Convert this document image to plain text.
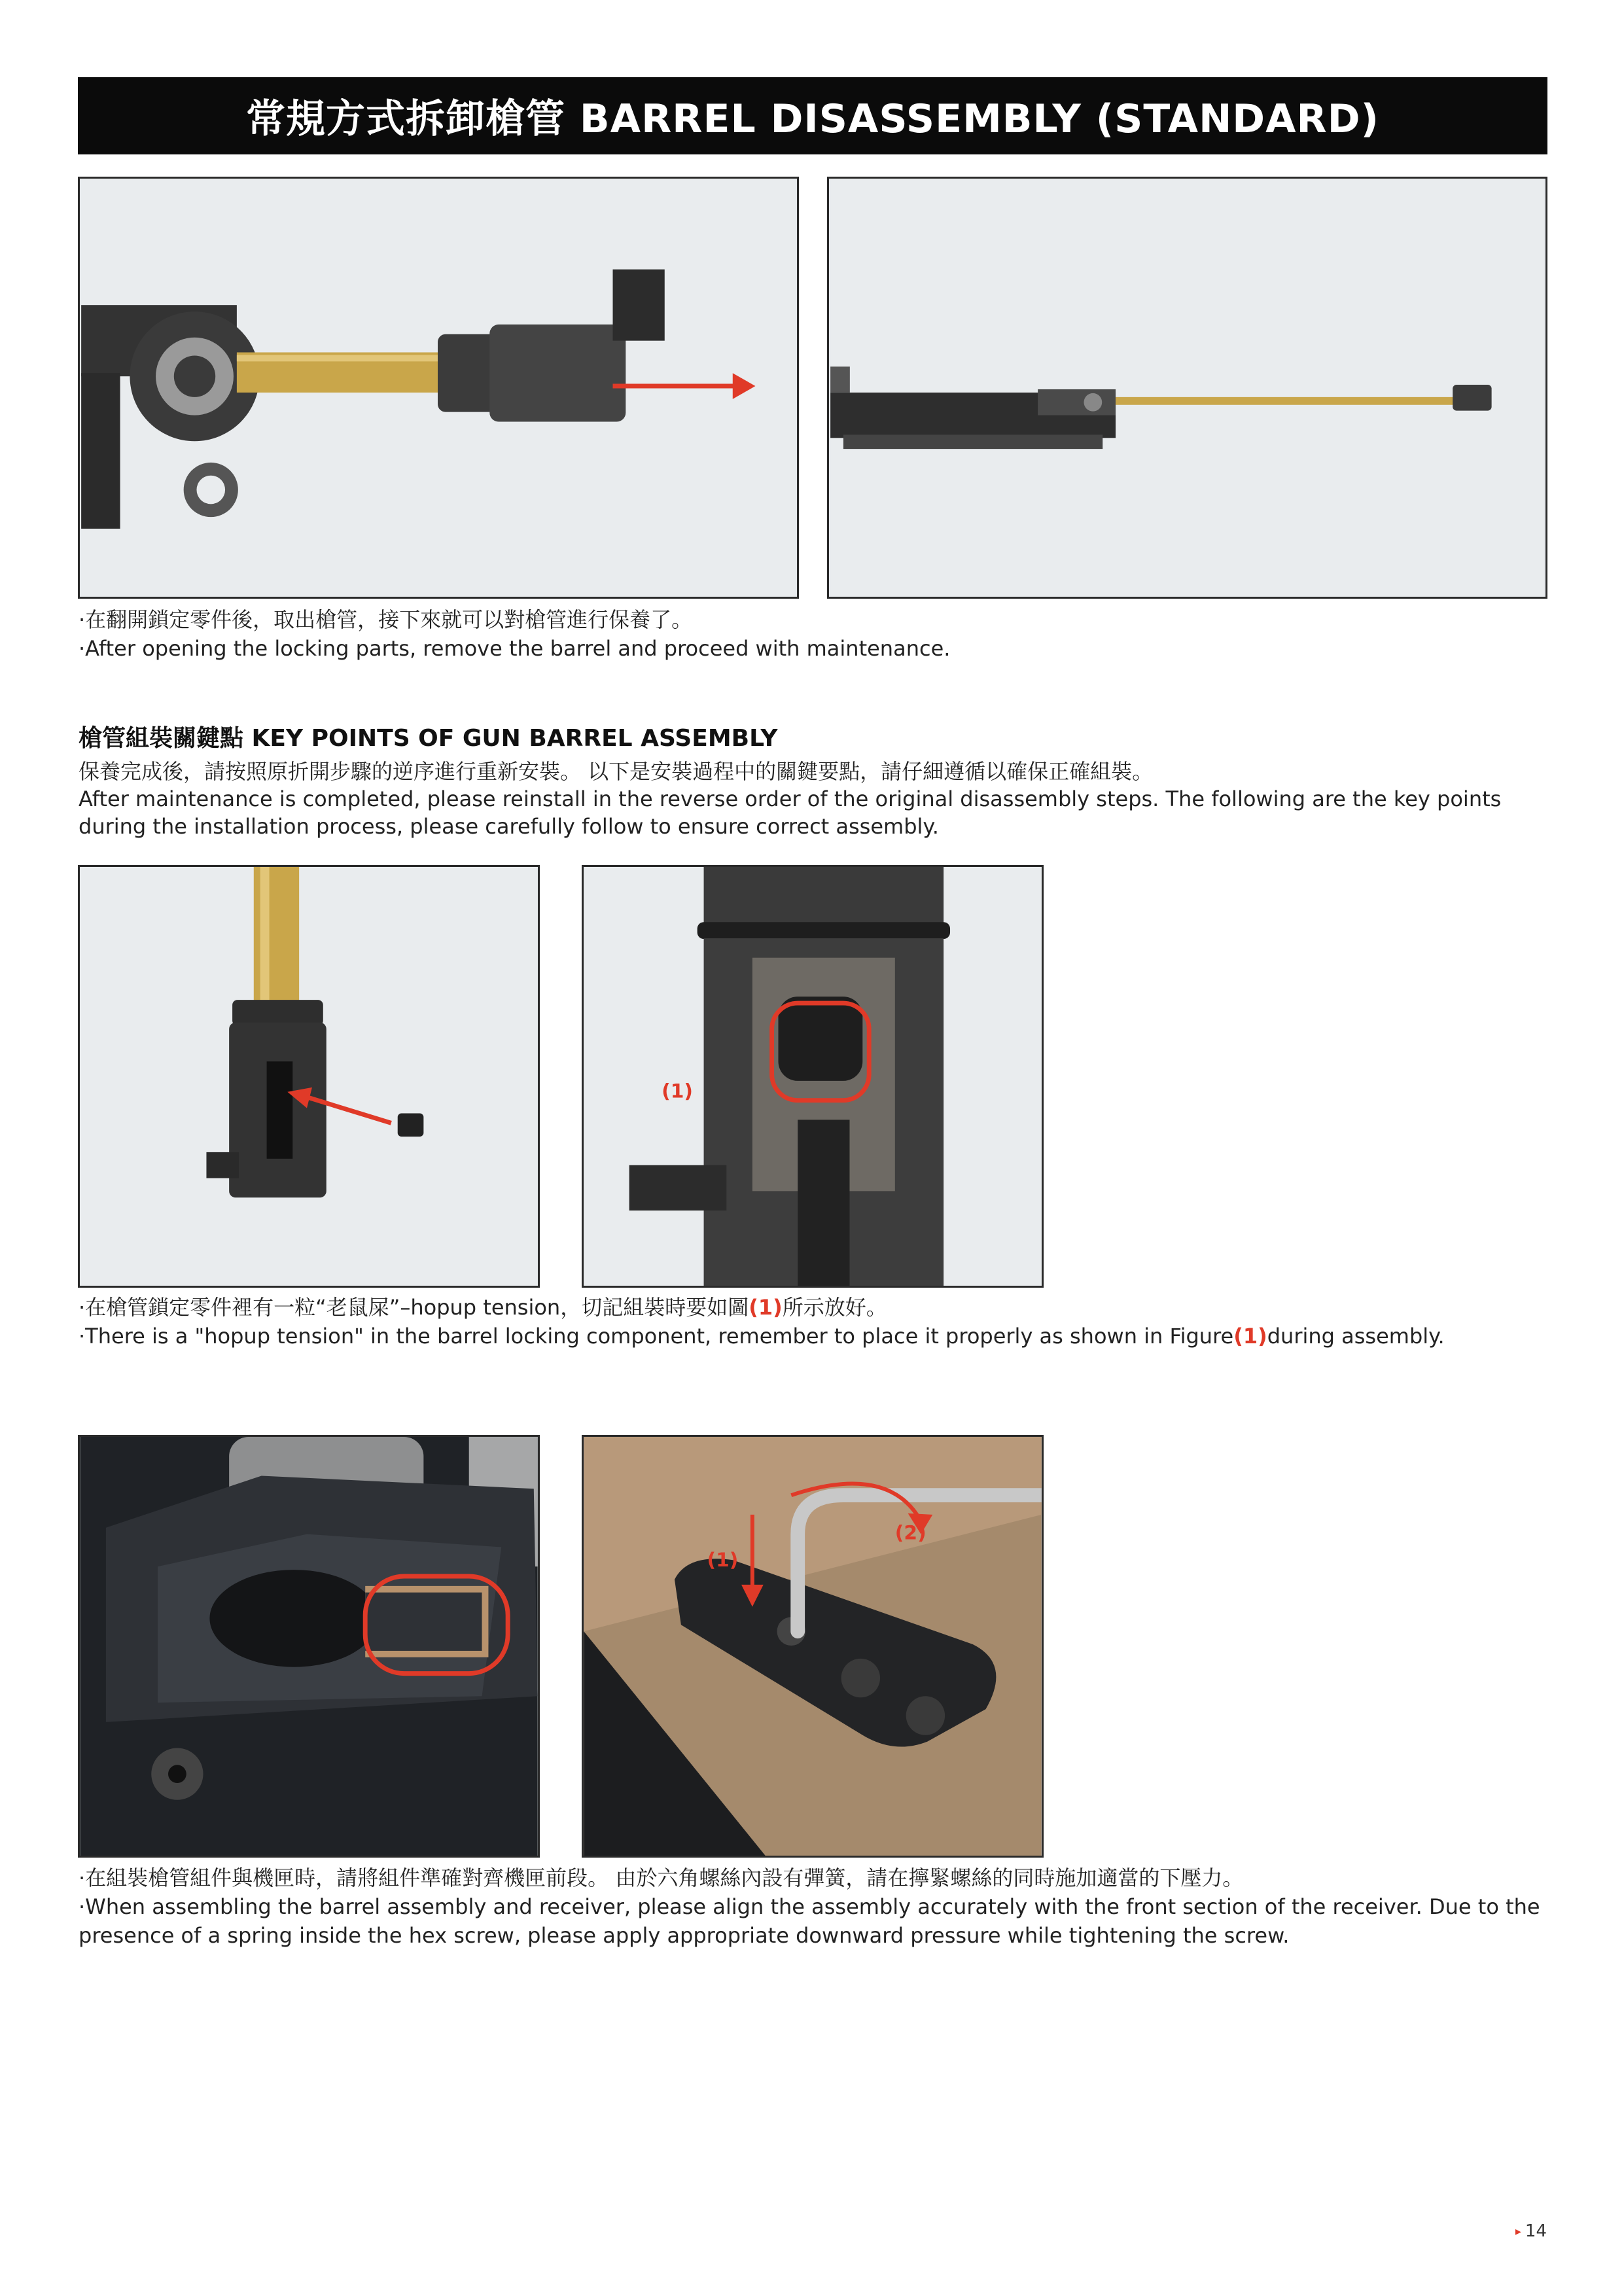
常規方式拆卸槍管 BARREL DISASSEMBLY (STANDARD)

·在翻開鎖定零件後，取出槍管，接下來就可以對槍管進行保養了。

·After opening the locking parts, remove the barrel and proceed with maintenance.

槍管組裝關鍵點 KEY POINTS OF GUN BARREL ASSEMBLY

保養完成後，請按照原折開步驟的逆序進行重新安裝。 以下是安裝過程中的關鍵要點，請仔細遵循以確保正確組裝。

After maintenance is completed, please reinstall in the reverse order of the original disassembly steps. The following are the key points during the installation process, please carefully follow to ensure correct assembly.

(1)

·在槍管鎖定零件裡有一粒“老鼠屎”–hopup tension，切記組裝時要如圖(1)所示放好。

·There is a "hopup tension" in the barrel locking component, remember to place it properly as shown in Figure(1)during assembly.

(1)
(2)

·在組裝槍管組件與機匣時，請將組件準確對齊機匣前段。 由於六角螺絲內設有彈簧，請在擰緊螺絲的同時施加適當的下壓力。

·When assembling the barrel assembly and receiver, please align the assembly accurately with the front section of the receiver. Due to the presence of a spring inside the hex screw, please apply appropriate downward pressure while tightening the screw.

▸ 14
